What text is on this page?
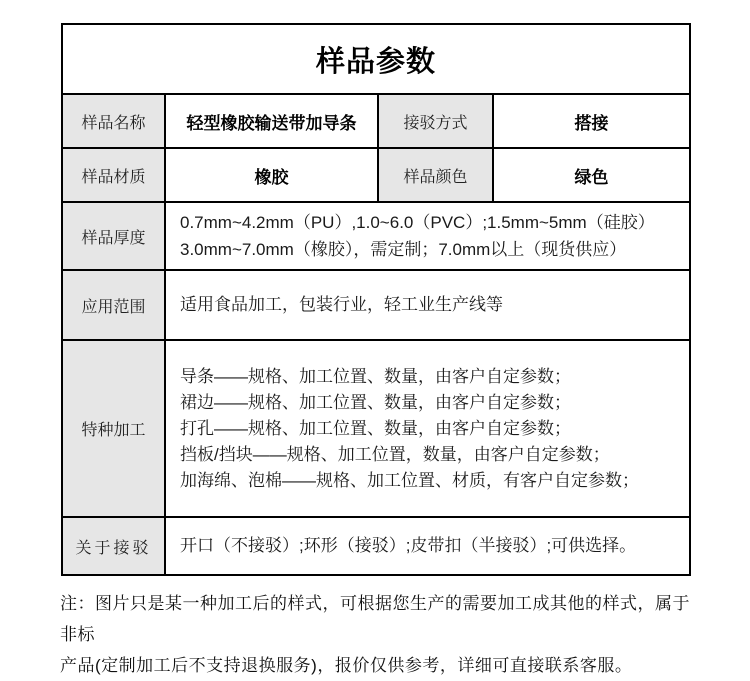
样品参数			

样品名称	轻型橡胶输送带加导条	接驳方式	搭接
样品材质	橡胶	样品颜色	绿色
样品厚度	0.7mm~4.2mm（PU）,1.0~6.0（PVC）;1.5mm~5mm（硅胶）
3.0mm~7.0mm（橡胶），需定制；7.0mm以上（现货供应）		

应用范围	适用食品加工，包装行业，轻工业生产线等		

特种加工	导条——规格、加工位置、数量，由客户自定参数；
裙边——规格、加工位置、数量，由客户自定参数；
打孔——规格、加工位置、数量，由客户自定参数；
挡板/挡块——规格、加工位置，数量，由客户自定参数；
加海绵、泡棉——规格、加工位置、材质，有客户自定参数；		

关于接驳	开口（不接驳）;环形（接驳）;皮带扣（半接驳）;可供选择。		
注：图片只是某一种加工后的样式，可根据您生产的需要加工成其他的样式，属于非标
产品(定制加工后不支持退换服务)，报价仅供参考，详细可直接联系客服。
